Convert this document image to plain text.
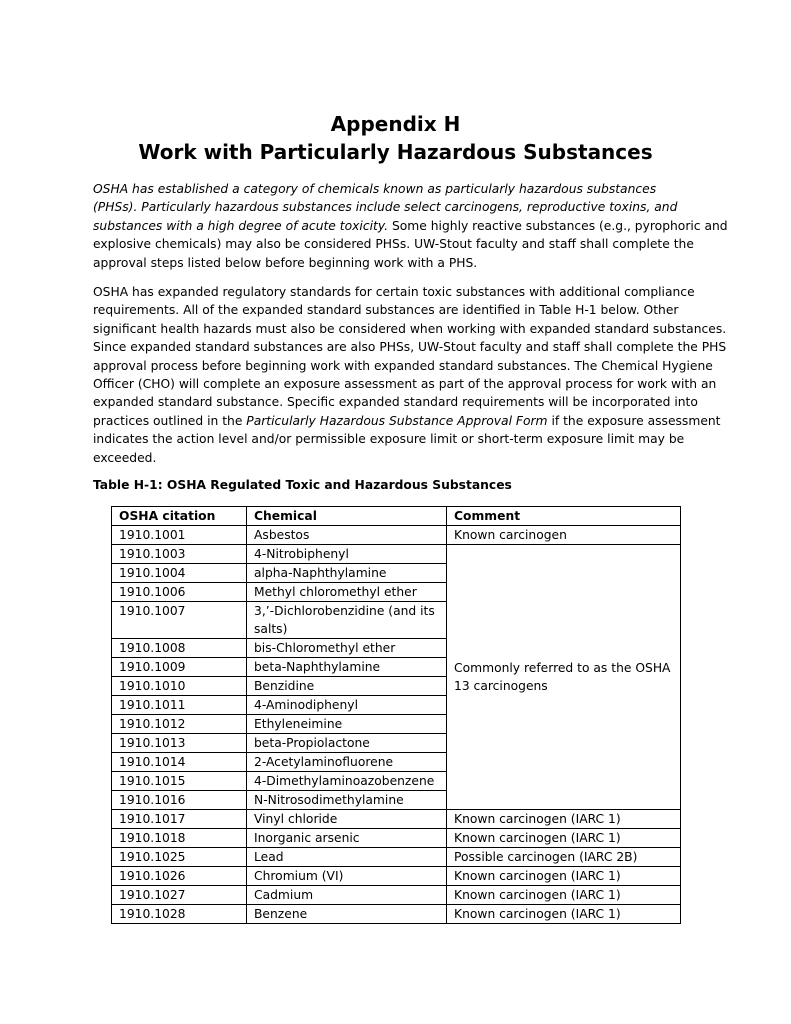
Appendix H
Work with Particularly Hazardous Substances
OSHA has established a category of chemicals known as particularly hazardous substances
(PHSs). Particularly hazardous substances include select carcinogens, reproductive toxins, and
substances with a high degree of acute toxicity. Some highly reactive substances (e.g., pyrophoric and
explosive chemicals) may also be considered PHSs. UW-Stout faculty and staff shall complete the
approval steps listed below before beginning work with a PHS.
OSHA has expanded regulatory standards for certain toxic substances with additional compliance
requirements. All of the expanded standard substances are identified in Table H-1 below. Other
significant health hazards must also be considered when working with expanded standard substances.
Since expanded standard substances are also PHSs, UW-Stout faculty and staff shall complete the PHS
approval process before beginning work with expanded standard substances. The Chemical Hygiene
Officer (CHO) will complete an exposure assessment as part of the approval process for work with an
expanded standard substance. Specific expanded standard requirements will be incorporated into
practices outlined in the Particularly Hazardous Substance Approval Form if the exposure assessment
indicates the action level and/or permissible exposure limit or short-term exposure limit may be
exceeded.
Table H-1: OSHA Regulated Toxic and Hazardous Substances
OSHA citation	Chemical	Comment
1910.1001	Asbestos	Known carcinogen
1910.1003	4-Nitrobiphenyl	Commonly referred to as the OSHA 13 carcinogens
1910.1004	alpha-Naphthylamine	
1910.1006	Methyl chloromethyl ether	
1910.1007	3,’-Dichlorobenzidine (and its salts)	
1910.1008	bis-Chloromethyl ether	
1910.1009	beta-Naphthylamine	
1910.1010	Benzidine	
1910.1011	4-Aminodiphenyl	
1910.1012	Ethyleneimine	
1910.1013	beta-Propiolactone	
1910.1014	2-Acetylaminofluorene	
1910.1015	4-Dimethylaminoazobenzene	
1910.1016	N-Nitrosodimethylamine	
1910.1017	Vinyl chloride	Known carcinogen (IARC 1)
1910.1018	Inorganic arsenic	Known carcinogen (IARC 1)
1910.1025	Lead	Possible carcinogen (IARC 2B)
1910.1026	Chromium (VI)	Known carcinogen (IARC 1)
1910.1027	Cadmium	Known carcinogen (IARC 1)
1910.1028	Benzene	Known carcinogen (IARC 1)
